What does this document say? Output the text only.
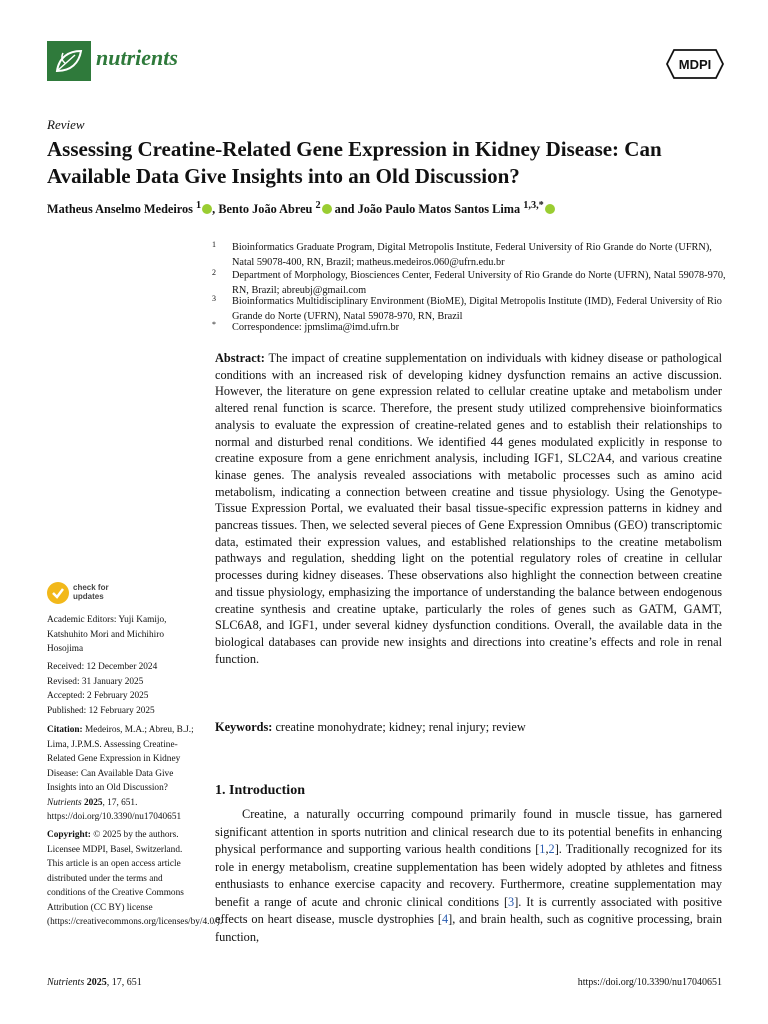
nutrients	MDPI
Review
Assessing Creatine-Related Gene Expression in Kidney Disease: Can Available Data Give Insights into an Old Discussion?
Matheus Anselmo Medeiros $^1$ , Bento João Abreu $^2$ and João Paulo Matos Santos Lima $^{1,3,*}$
1 Bioinformatics Graduate Program, Digital Metropolis Institute, Federal University of Rio Grande do Norte (UFRN), Natal 59078-400, RN, Brazil; matheus.medeiros.060@ufrn.edu.br
2 Department of Morphology, Biosciences Center, Federal University of Rio Grande do Norte (UFRN), Natal 59078-970, RN, Brazil; abreubj@gmail.com
3 Bioinformatics Multidisciplinary Environment (BioME), Digital Metropolis Institute (IMD), Federal University of Rio Grande do Norte (UFRN), Natal 59078-970, RN, Brazil
* Correspondence: jpmslima@imd.ufrn.br
Abstract: The impact of creatine supplementation on individuals with kidney disease or pathological conditions with an increased risk of developing kidney dysfunction remains an active discussion. However, the literature on gene expression related to cellular creatine uptake and metabolism under altered renal function is scarce. Therefore, the present study utilized comprehensive bioinformatics analysis to evaluate the expression of creatine-related genes and to establish their relationships to normal and disturbed renal conditions. We identified 44 genes modulated explicitly in response to creatine exposure from a gene enrichment analysis, including IGF1, SLC2A4, and various creatine kinase genes. The analysis revealed associations with metabolic processes such as amino acid metabolism, indicating a connection between creatine and tissue physiology. Using the Genotype-Tissue Expression Portal, we evaluated their basal tissue-specific expression patterns in kidney and pancreas tissues. Then, we selected several pieces of Gene Expression Omnibus (GEO) transcriptomic data, estimated their expression values, and established relationships to the creatine metabolism pathways and regulation, shedding light on the potential regulatory roles of creatine in cellular processes during kidney diseases. These observations also highlight the connection between creatine and tissue physiology, emphasizing the importance of understanding the balance between endogenous creatine synthesis and creatine uptake, particularly the roles of genes such as GATM, GAMT, SLC6A8, and IGF1, under several kidney dysfunction conditions. Overall, the available data in the biological databases can provide new insights and directions into creatine’s effects and role in renal function.
Keywords: creatine monohydrate; kidney; renal injury; review
1. Introduction
Creatine, a naturally occurring compound primarily found in muscle tissue, has garnered significant attention in sports nutrition and clinical research due to its potential benefits in enhancing physical performance and supporting various health conditions [1,2]. Traditionally recognized for its role in energy metabolism, creatine supplementation has been widely adopted by athletes and fitness enthusiasts to enhance exercise capacity and recovery. Furthermore, creatine supplementation may benefit a range of acute and chronic clinical conditions [3]. It is currently associated with positive effects on heart disease, muscle dystrophies [4], and brain health, such as cognitive processing, brain function,
check for
updates
Academic Editors: Yuji Kamijo, Katshuhito Mori and Michihiro Hosojima
Received: 12 December 2024
Revised: 31 January 2025
Accepted: 2 February 2025
Published: 12 February 2025
Citation: Medeiros, M.A.; Abreu, B.J.; Lima, J.P.M.S. Assessing Creatine-Related Gene Expression in Kidney Disease: Can Available Data Give Insights into an Old Discussion? Nutrients 2025, 17, 651. https://doi.org/10.3390/nu17040651
Copyright: © 2025 by the authors. Licensee MDPI, Basel, Switzerland. This article is an open access article distributed under the terms and conditions of the Creative Commons Attribution (CC BY) license (https://creativecommons.org/licenses/by/4.0/).
Nutrients 2025, 17, 651	https://doi.org/10.3390/nu17040651
